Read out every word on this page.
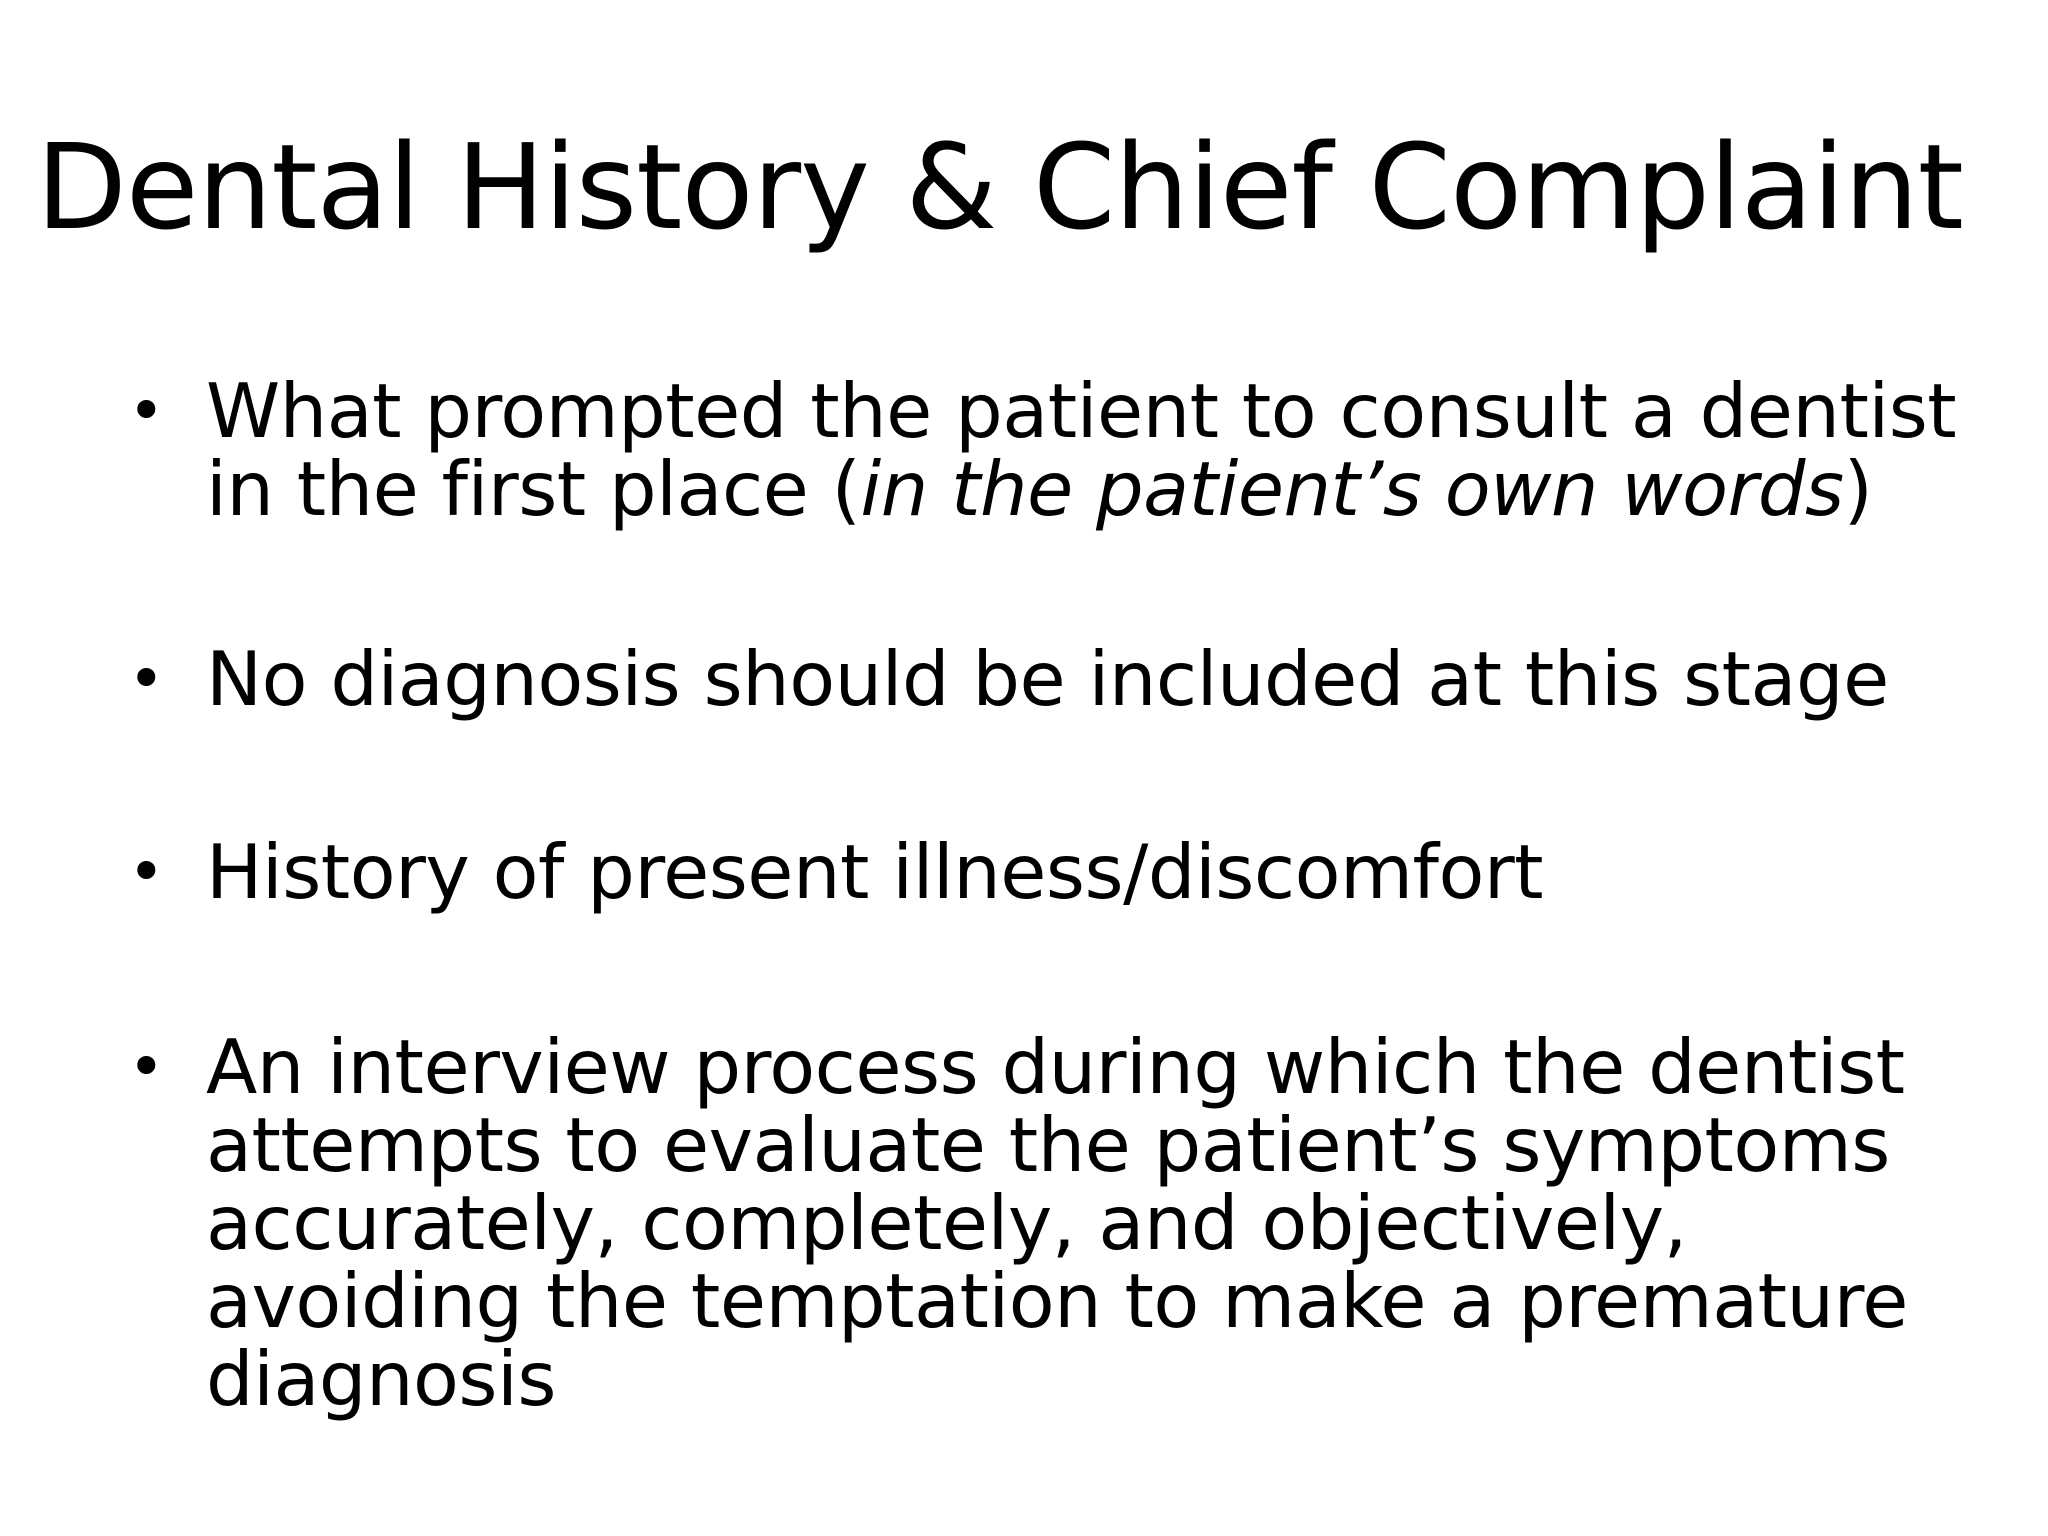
Dental History & Chief Complaint
• What prompted the patient to consult a dentist
in the first place (in the patient’s own words)
• No diagnosis should be included at this stage
• History of present illness/discomfort
• An interview process during which the dentist
attempts to evaluate the patient’s symptoms
accurately, completely, and objectively,
avoiding the temptation to make a premature
diagnosis
